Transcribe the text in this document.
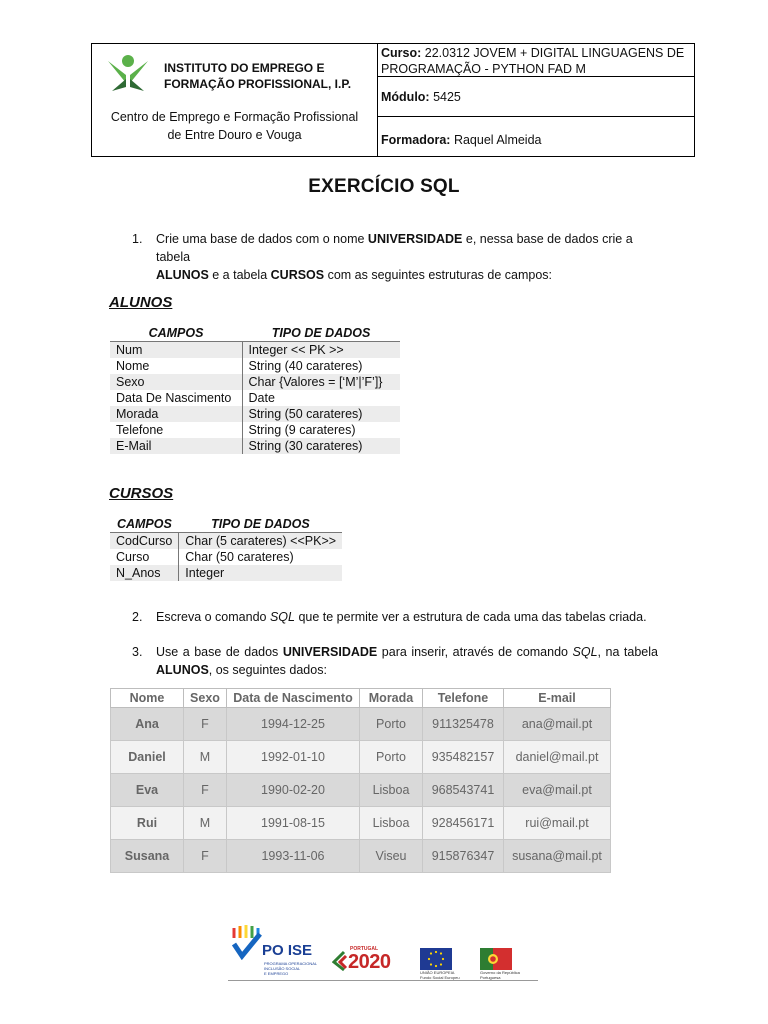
INSTITUTO DO EMPREGO E
FORMAÇÃO PROFISSIONAL, I.P.
Centro de Emprego e Formação Profissional
de Entre Douro e Vouga
Curso: 22.0312 JOVEM + DIGITAL LINGUAGENS DE
PROGRAMAÇÃO - PYTHON FAD M
Módulo: 5425
Formadora: Raquel Almeida
EXERCÍCIO SQL
1. Crie uma base de dados com o nome UNIVERSIDADE e, nessa base de dados crie a tabela
ALUNOS e a tabela CURSOS com as seguintes estruturas de campos:
ALUNOS
CAMPOS	TIPO DE DADOS
Num	Integer << PK >>
Nome	String (40 carateres)
Sexo	Char {Valores = [‘M’|’F’]}
Data De Nascimento	Date
Morada	String (50 carateres)
Telefone	String (9 carateres)
E-Mail	String (30 carateres)
CURSOS
CAMPOS	TIPO DE DADOS
CodCurso	Char (5 carateres) <<PK>>
Curso	Char (50 carateres)
N_Anos	Integer
2. Escreva o comando SQL que te permite ver a estrutura de cada uma das tabelas criada.
3. Use a base de dados UNIVERSIDADE para inserir, através de comando SQL, na tabela
ALUNOS, os seguintes dados:
Nome	Sexo	Data de Nascimento	Morada	Telefone	E-mail
Ana	F	1994-12-25	Porto	911325478	ana@mail.pt
Daniel	M	1992-01-10	Porto	935482157	daniel@mail.pt
Eva	F	1990-02-20	Lisboa	968543741	eva@mail.pt
Rui	M	1991-08-15	Lisboa	928456171	rui@mail.pt
Susana	F	1993-11-06	Viseu	915876347	susana@mail.pt
PO ISE
PROGRAMA OPERACIONAL
INCLUSÃO SOCIAL
E EMPREGO
PORTUGAL
2020	UNIÃO EUROPEIA
Fundo Social Europeu
Governo da República
Portuguesa
